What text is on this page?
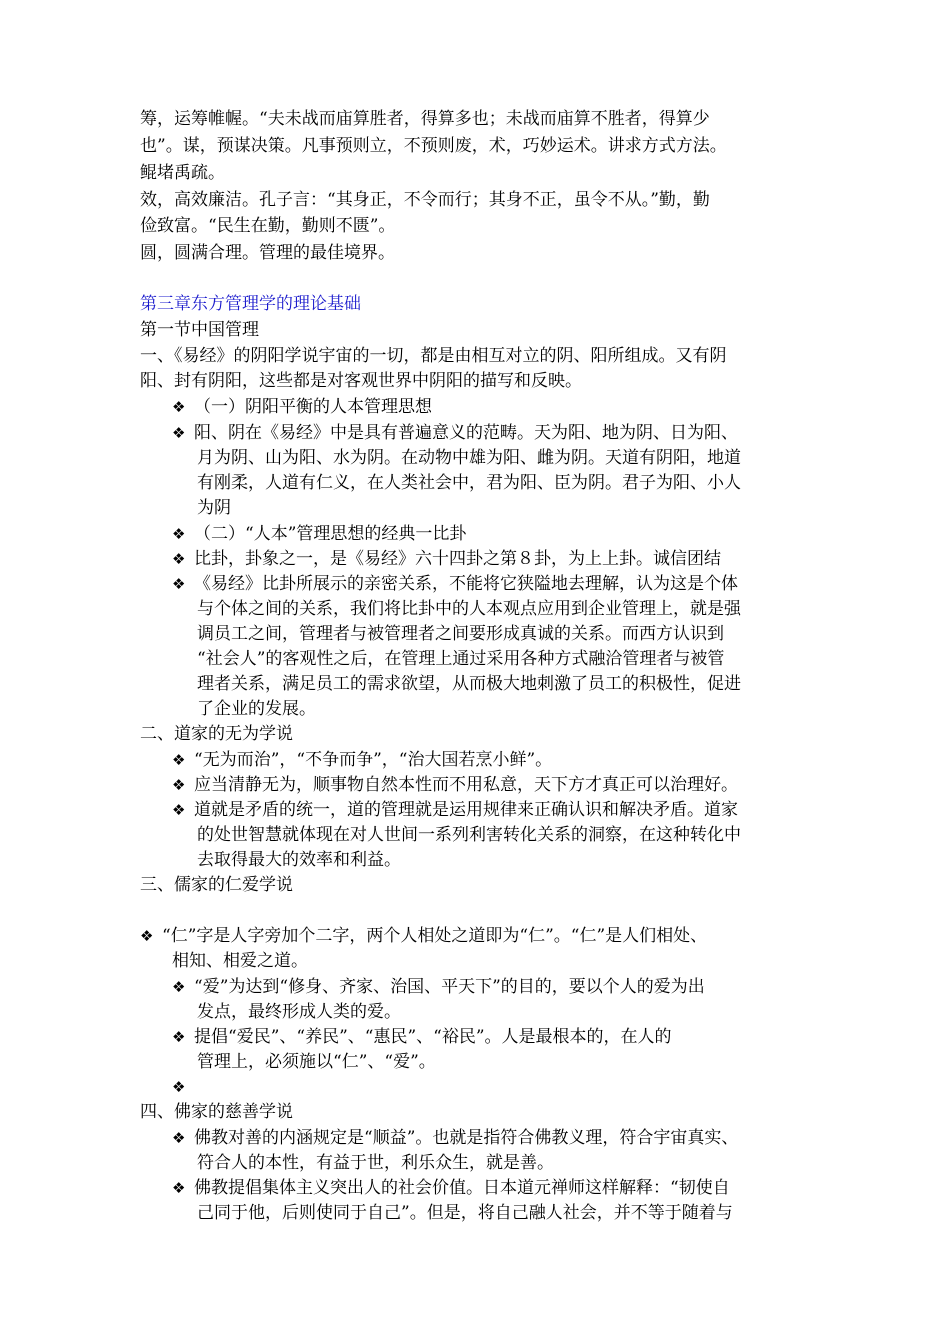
筹，运筹帷幄。“夫未战而庙算胜者，得算多也；未战而庙算不胜者，得算少
也”。谋，预谋决策。凡事预则立，不预则废，术，巧妙运术。讲求方式方法。
鲲堵禹疏。
效，高效廉洁。孔子言：“其身正，不令而行；其身不正，虽令不从。”勤，勤
俭致富。“民生在勤，勤则不匮”。
圆，圆满合理。管理的最佳境界。
第三章东方管理学的理论基础
第一节中国管理
一、《易经》的阴阳学说宇宙的一切，都是由相互对立的阴、阳所组成。又有阴
阳、封有阴阳，这些都是对客观世界中阴阳的描写和反映。
❖ （一）阴阳平衡的人本管理思想
❖ 阳、阴在《易经》中是具有普遍意义的范畴。天为阳、地为阴、日为阳、
月为阴、山为阳、水为阴。在动物中雄为阳、雌为阴。天道有阴阳，地道
有刚柔，人道有仁义，在人类社会中，君为阳、臣为阴。君子为阳、小人
为阴
❖ （二）“人本”管理思想的经典一比卦
❖ 比卦，卦象之一，是《易经》六十四卦之第８卦，为上上卦。诚信团结
❖ 《易经》比卦所展示的亲密关系，不能将它狭隘地去理解，认为这是个体
与个体之间的关系，我们将比卦中的人本观点应用到企业管理上，就是强
调员工之间，管理者与被管理者之间要形成真诚的关系。而西方认识到
“社会人”的客观性之后，在管理上通过采用各种方式融洽管理者与被管
理者关系，满足员工的需求欲望，从而极大地刺激了员工的积极性，促进
了企业的发展。
二、道家的无为学说
❖ “无为而治”，“不争而争”，“治大国若烹小鲜”。
❖ 应当清静无为，顺事物自然本性而不用私意，天下方才真正可以治理好。
❖ 道就是矛盾的统一，道的管理就是运用规律来正确认识和解决矛盾。道家
的处世智慧就体现在对人世间一系列利害转化关系的洞察，在这种转化中
去取得最大的效率和利益。
三、儒家的仁爱学说
❖ “仁”字是人字旁加个二字，两个人相处之道即为“仁”。“仁”是人们相处、
相知、相爱之道。
❖ “爱”为达到“修身、齐家、治国、平天下”的目的，要以个人的爱为出
发点，最终形成人类的爱。
❖ 提倡“爱民”、“养民”、“惠民”、“裕民”。人是最根本的，在人的
管理上，必须施以“仁”、“爱”。
❖
四、佛家的慈善学说
❖ 佛教对善的内涵规定是“顺益”。也就是指符合佛教义理，符合宇宙真实、
符合人的本性，有益于世，利乐众生，就是善。
❖ 佛教提倡集体主义突出人的社会价值。日本道元禅师这样解释：“韧使自
己同于他，后则使同于自己”。但是，将自己融人社会，并不等于随着与
